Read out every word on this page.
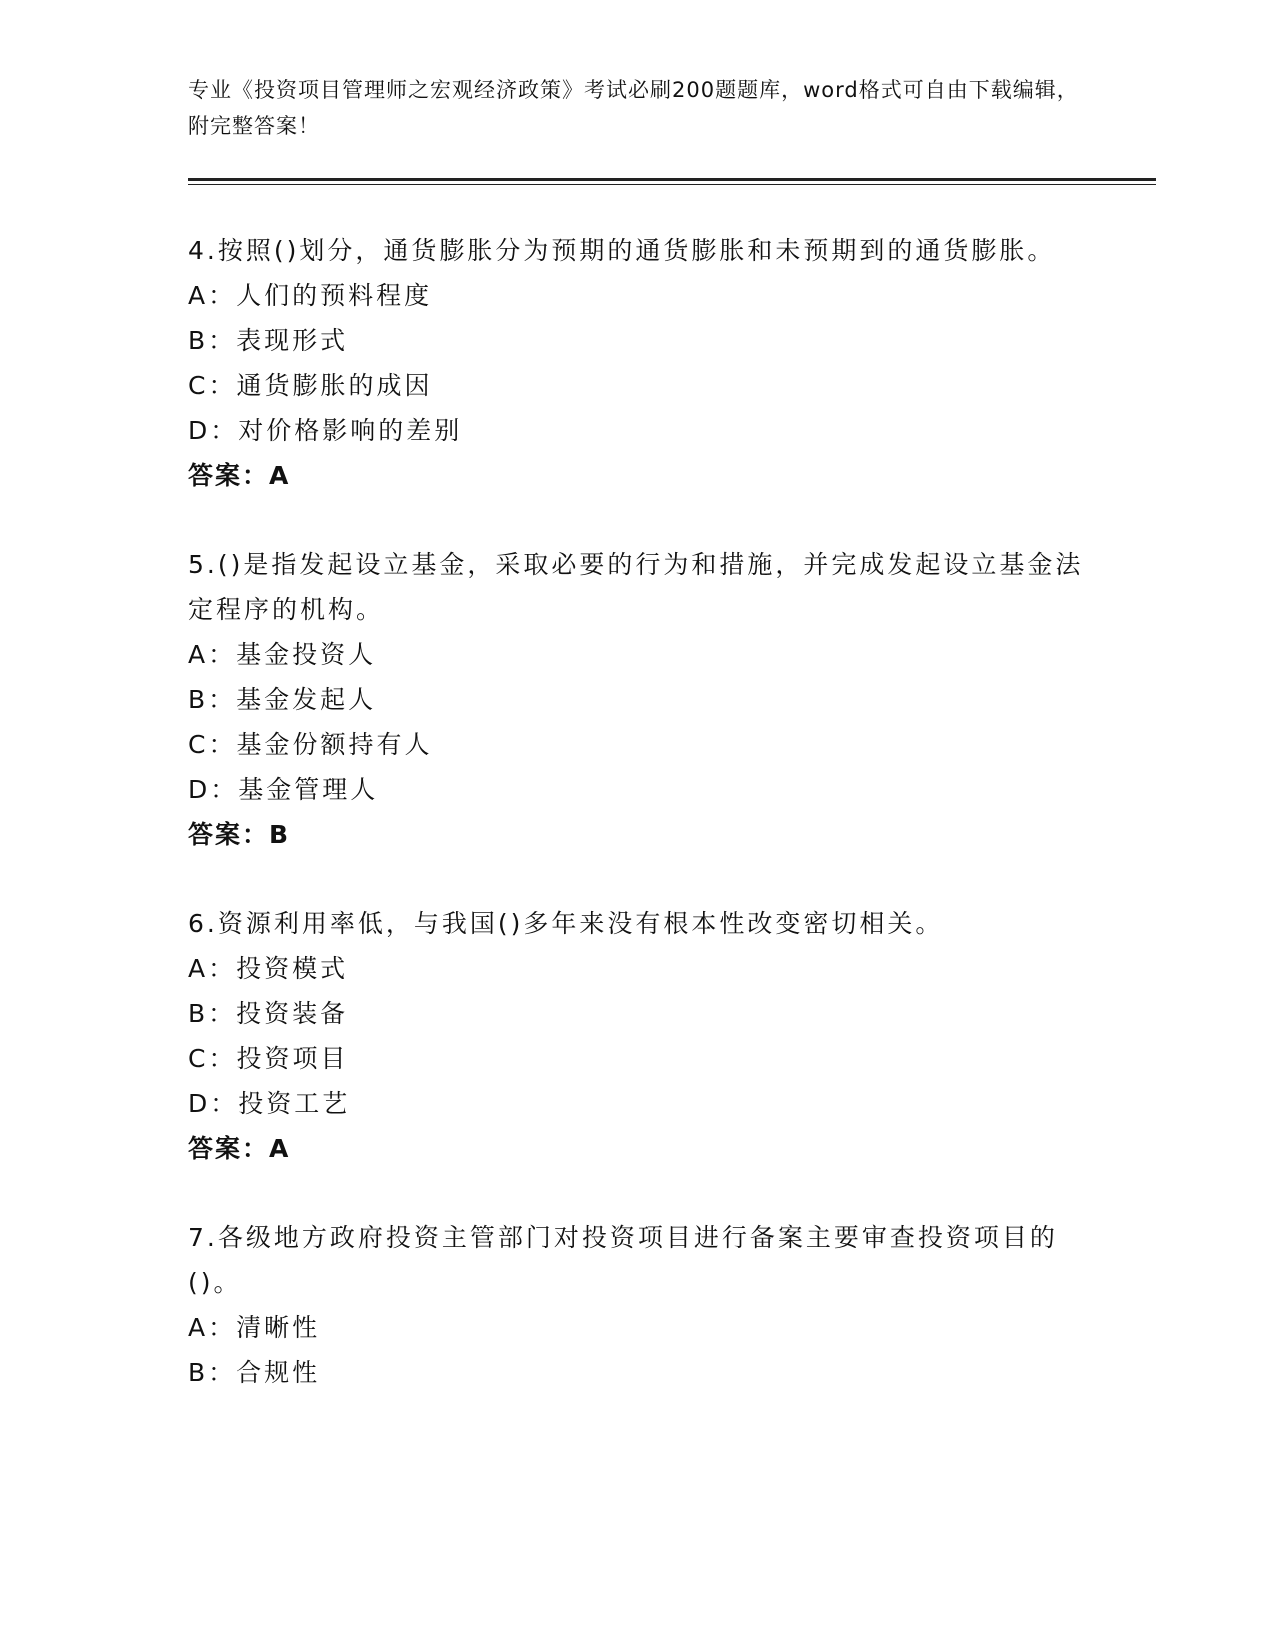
专业《投资项目管理师之宏观经济政策》考试必刷200题题库，word格式可自由下载编辑，附完整答案！
4.按照()划分，通货膨胀分为预期的通货膨胀和未预期到的通货膨胀。
A：人们的预料程度
B：表现形式
C：通货膨胀的成因
D：对价格影响的差别
答案：A
5.()是指发起设立基金，采取必要的行为和措施，并完成发起设立基金法定程序的机构。
A：基金投资人
B：基金发起人
C：基金份额持有人
D：基金管理人
答案：B
6.资源利用率低，与我国()多年来没有根本性改变密切相关。
A：投资模式
B：投资装备
C：投资项目
D：投资工艺
答案：A
7.各级地方政府投资主管部门对投资项目进行备案主要审查投资项目的()。
A：清晰性
B：合规性
